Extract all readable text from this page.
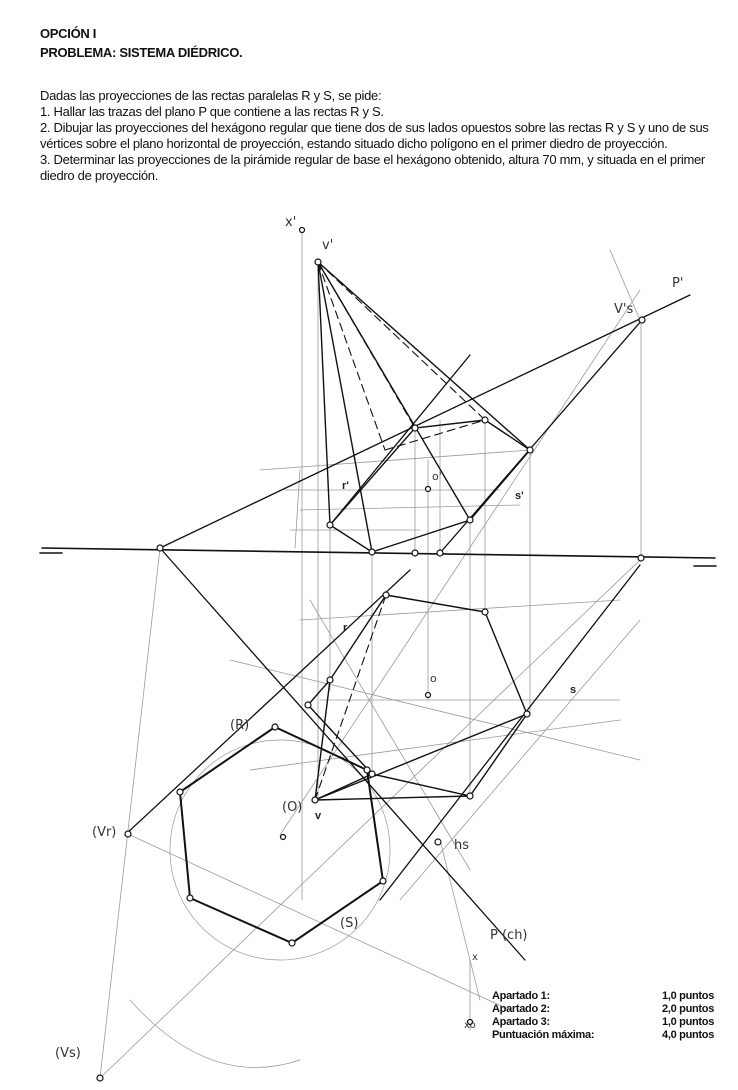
OPCIÓN I
PROBLEMA: SISTEMA DIÉDRICO.

Dadas las proyecciones de las rectas paralelas R y S, se pide:

1. Hallar las trazas del plano P que contiene a las rectas R y S.

2. Dibujar las proyecciones del hexágono regular que tiene dos de sus lados opuestos sobre las rectas R y S y uno de sus vértices sobre el plano horizontal de proyección, estando situado dicho polígono en el primer diedro de proyección.

3. Determinar las proyecciones de la pirámide regular de base el hexágono obtenido, altura 70 mm, y situada en el primer diedro de proyección.

x'
v'
P'
V's
r'
s'
o'
r
s
o
v
(R)
(O)
(S)
(Vr)
(Vs)
hs
P (ch)
x
xo
Apartado 1:	1,0 puntos
Apartado 2:	2,0 puntos
Apartado 3:	1,0 puntos
Puntuación máxima:	4,0 puntos
